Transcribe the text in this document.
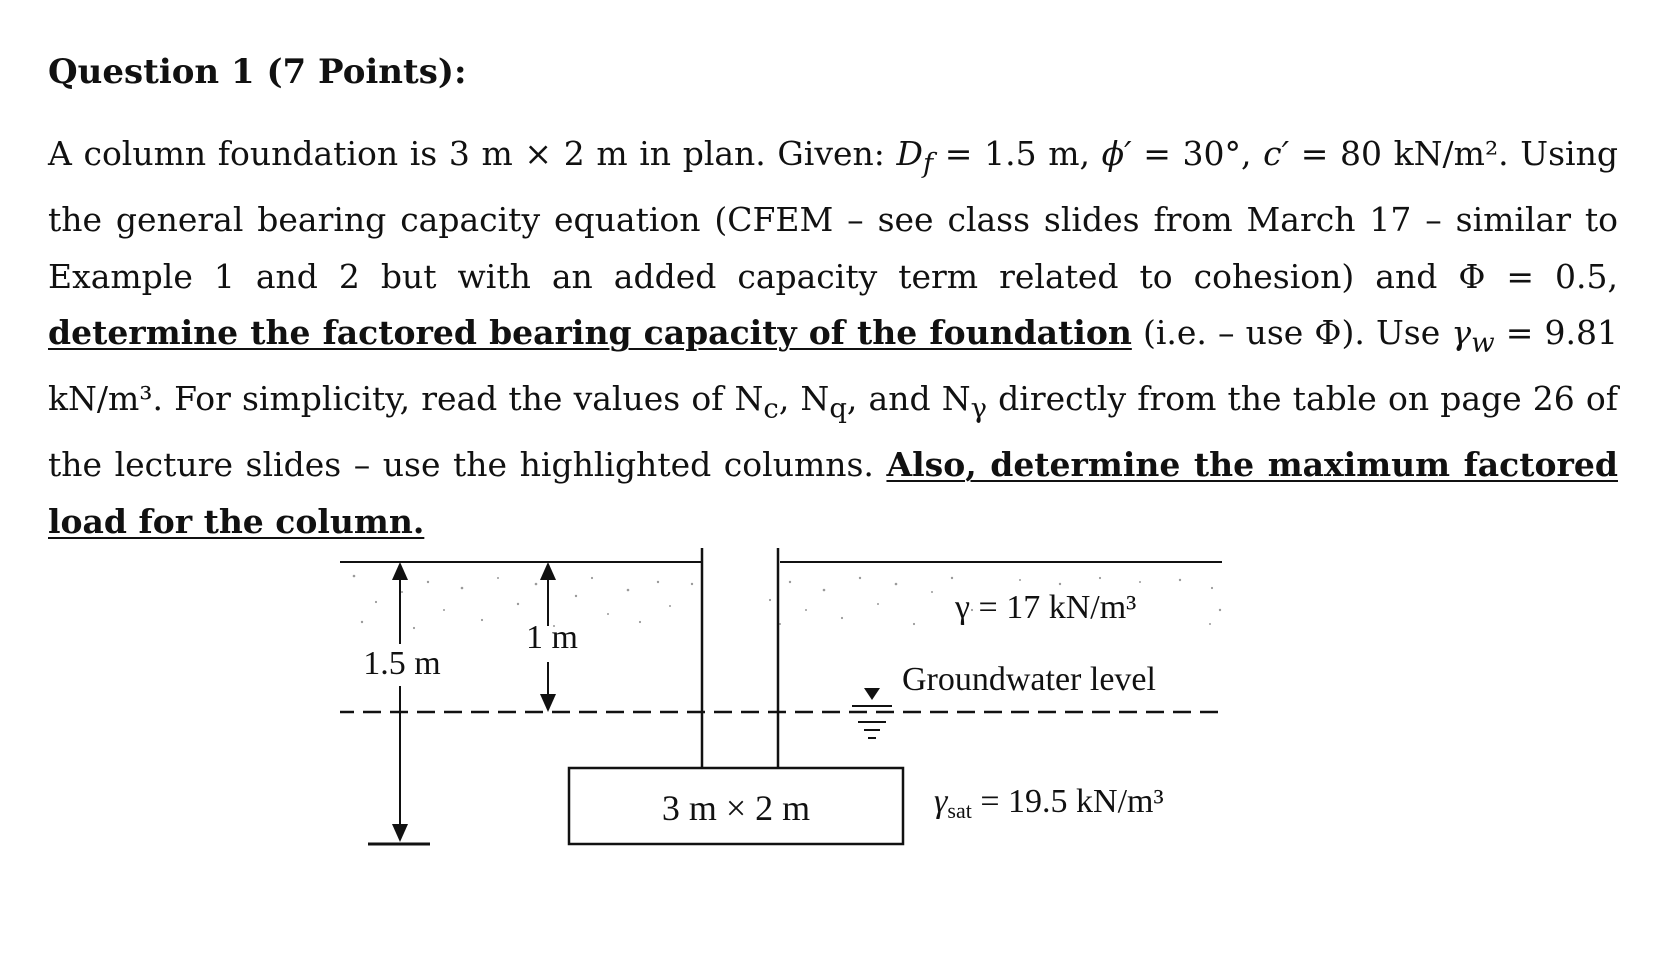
Question 1 (7 Points):

A column foundation is 3 m × 2 m in plan. Given: $D_f = 1.5$ m, ϕ′ = 30°, c′ = 80 kN/m². Using the general bearing capacity equation (CFEM – see class slides from March 17 – similar to Example 1 and 2 but with an added capacity term related to cohesion) and Φ = 0.5, determine the factored bearing capacity of the foundation (i.e. – use Φ). Use $\gamma_w = 9.81$ kN/m³. For simplicity, read the values of $N_c$, $N_q$, and $N_\gamma$ directly from the table on page 26 of the lecture slides – use the highlighted columns. Also, determine the maximum factored load for the column.

3 m × 2 m
1.5 m
1 m
γ = 17 kN/m³
Groundwater level
γsat = 19.5 kN/m³
